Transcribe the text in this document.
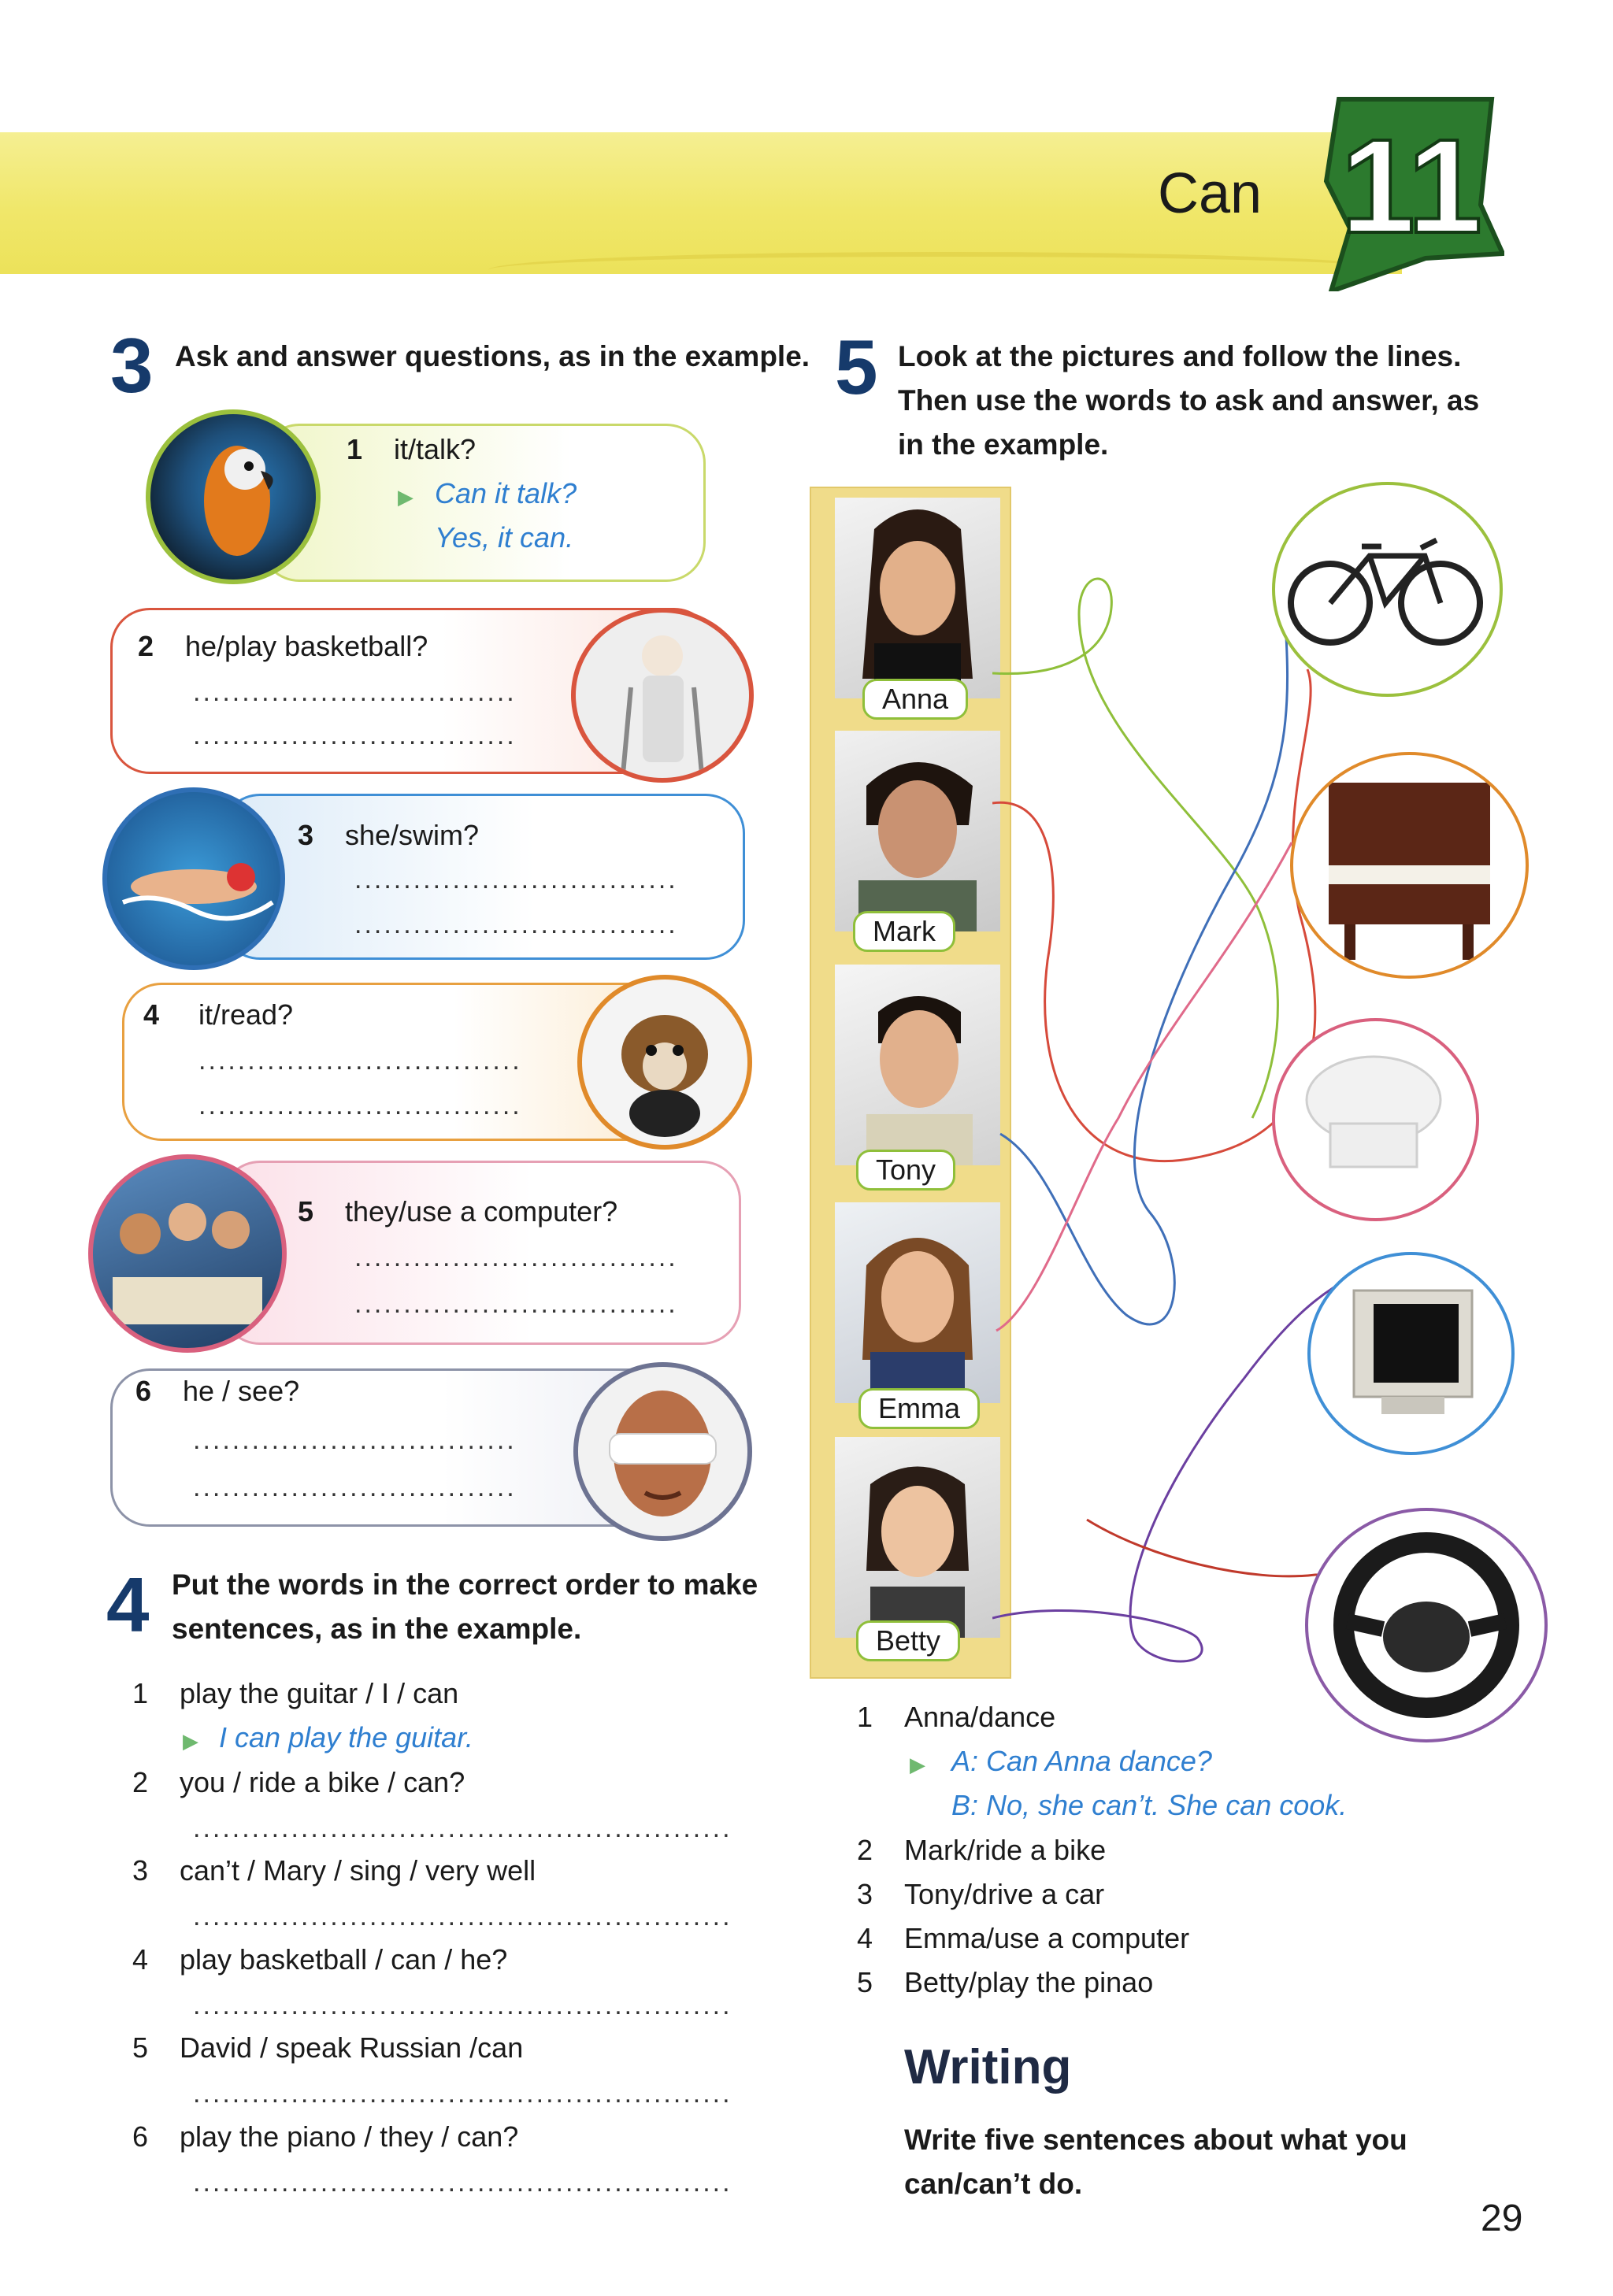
Can 11
3 Ask and answer questions, as in the example.
1 it/talk?
▶ Can it talk?
Yes, it can.
2 he/play basketball?
.................................
.................................
3 she/swim?
.................................
.................................
4 it/read?
.................................
.................................
5 they/use a computer?
.................................
.................................
6 he / see?
.................................
.................................
4 Put the words in the correct order to make
sentences, as in the example.
1 play the guitar / I / can
▶ I can play the guitar.
2 you / ride a bike / can?
.......................................................
3 can’t / Mary / sing / very well
.......................................................
4 play basketball / can / he?
.......................................................
5 David / speak Russian /can
.......................................................
6 play the piano / they / can?
.......................................................
5 Look at the pictures and follow the lines.
Then use the words to ask and answer, as
in the example.
Anna
Mark
Tony
Emma
Betty
1 Anna/dance
▶ A: Can Anna dance?
B: No, she can’t. She can cook.
2 Mark/ride a bike
3 Tony/drive a car
4 Emma/use a computer
5 Betty/play the pinao
Writing
Write five sentences about what you
can/can’t do.
29
